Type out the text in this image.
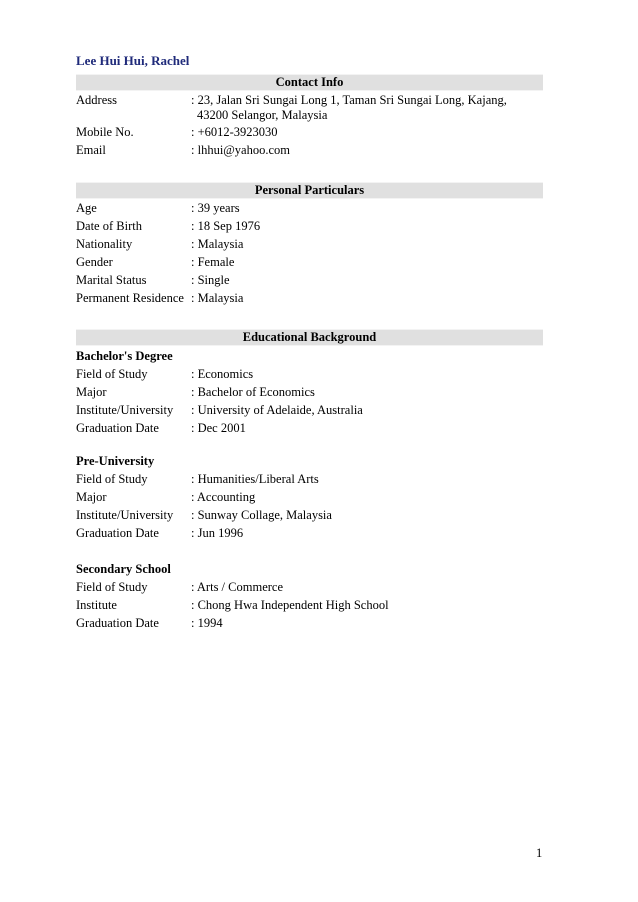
Lee Hui Hui, Rachel
Contact Info
Address	: 23, Jalan Sri Sungai Long 1, Taman Sri Sungai Long, Kajang,
43200 Selangor, Malaysia
Mobile No.	: +6012-3923030
Email	: lhhui@yahoo.com
Personal Particulars
Age	: 39 years
Date of Birth	: 18 Sep 1976
Nationality	: Malaysia
Gender	: Female
Marital Status	: Single
Permanent Residence : Malaysia
Educational Background
Bachelor's Degree
Field of Study	: Economics
Major	: Bachelor of Economics
Institute/University	: University of Adelaide, Australia
Graduation Date	: Dec 2001
Pre-University
Field of Study	: Humanities/Liberal Arts
Major	: Accounting
Institute/University	: Sunway Collage, Malaysia
Graduation Date	: Jun 1996
Secondary School
Field of Study	: Arts / Commerce
Institute	: Chong Hwa Independent High School
Graduation Date	: 1994
1
